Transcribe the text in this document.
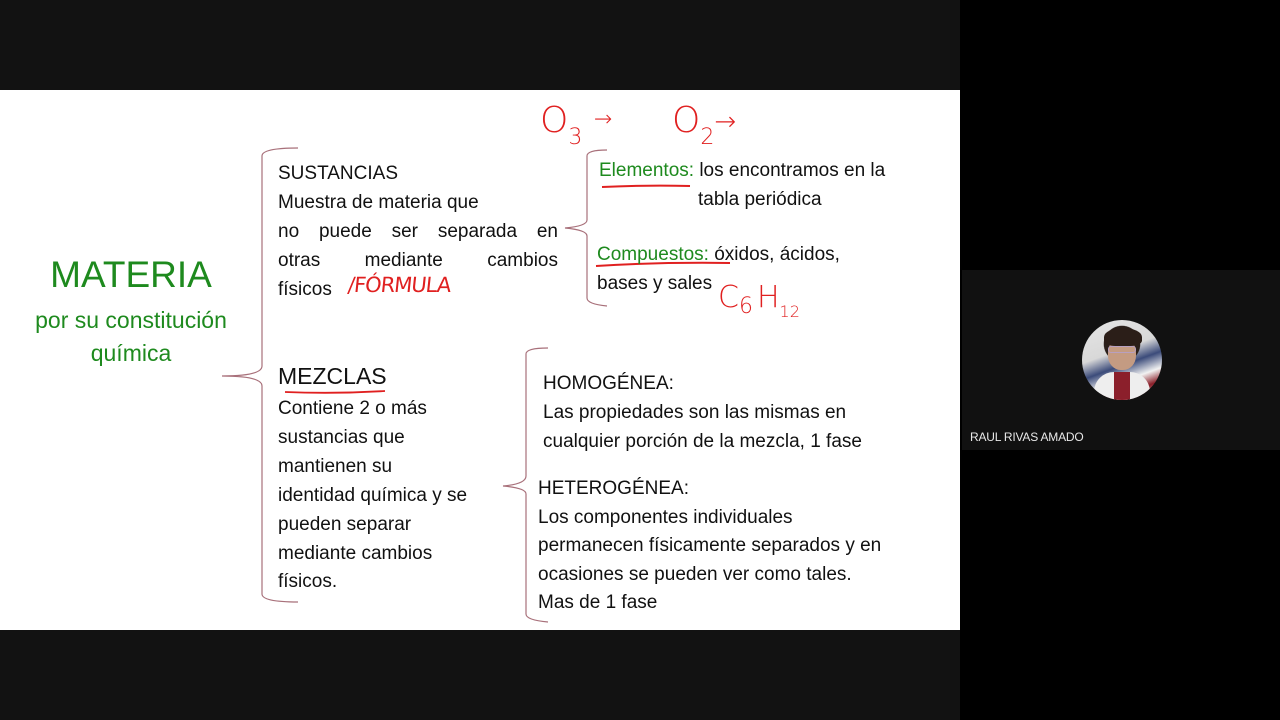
MATERIA
por su constitución
química
SUSTANCIAS
Muestra de materia que
no puede ser separada en
otras mediante cambios
físicos
Elementos: los encontramos en la
tabla periódica
Compuestos: óxidos, ácidos,
bases y sales
MEZCLAS
Contiene 2 o más
sustancias que
mantienen su
identidad química y se
pueden separar
mediante cambios
físicos.
HOMOGÉNEA:
Las propiedades son las mismas en
cualquier porción de la mezcla, 1 fase
HETEROGÉNEA:
Los componentes individuales
permanecen físicamente separados y en
ocasiones se pueden ver como tales.
Mas de 1 fase
/FÓRMULA
$O_3 \to O_2\to$
$C_6$ $H_{12}$
RAUL RIVAS AMADO
